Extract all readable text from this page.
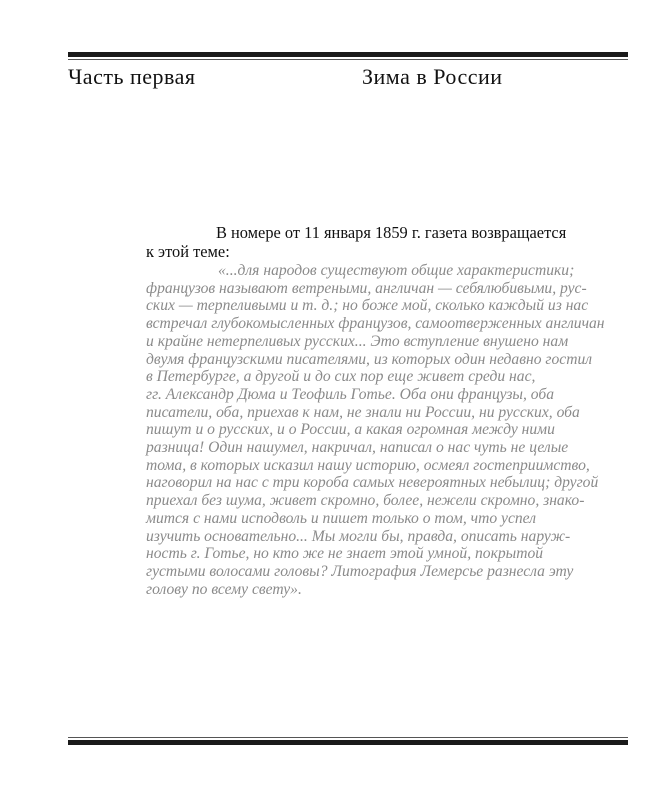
Часть первая	Зима в России
В номере от 11 января 1859 г. газета возвращается
к этой теме:
«...для народов существуют общие характеристики;
французов называют ветреными, англичан — себялюбивыми, рус-
ских — терпеливыми и т. д.; но боже мой, сколько каждый из нас
встречал глубокомысленных французов, самоотверженных англичан
и крайне нетерпеливых русских... Это вступление внушено нам
двумя французскими писателями, из которых один недавно гостил
в Петербурге, а другой и до сих пор еще живет среди нас,
гг. Александр Дюма и Теофиль Готье. Оба они французы, оба
писатели, оба, приехав к нам, не знали ни России, ни русских, оба
пишут и о русских, и о России, а какая огромная между ними
разница! Один нашумел, накричал, написал о нас чуть не целые
тома, в которых исказил нашу историю, осмеял гостеприимство,
наговорил на нас с три короба самых невероятных небылиц; другой
приехал без шума, живет скромно, более, нежели скромно, знако-
мится с нами исподволь и пишет только о том, что успел
изучить основательно... Мы могли бы, правда, описать наруж-
ность г. Готье, но кто же не знает этой умной, покрытой
густыми волосами головы? Литография Лемерсье разнесла эту
голову по всему свету».
